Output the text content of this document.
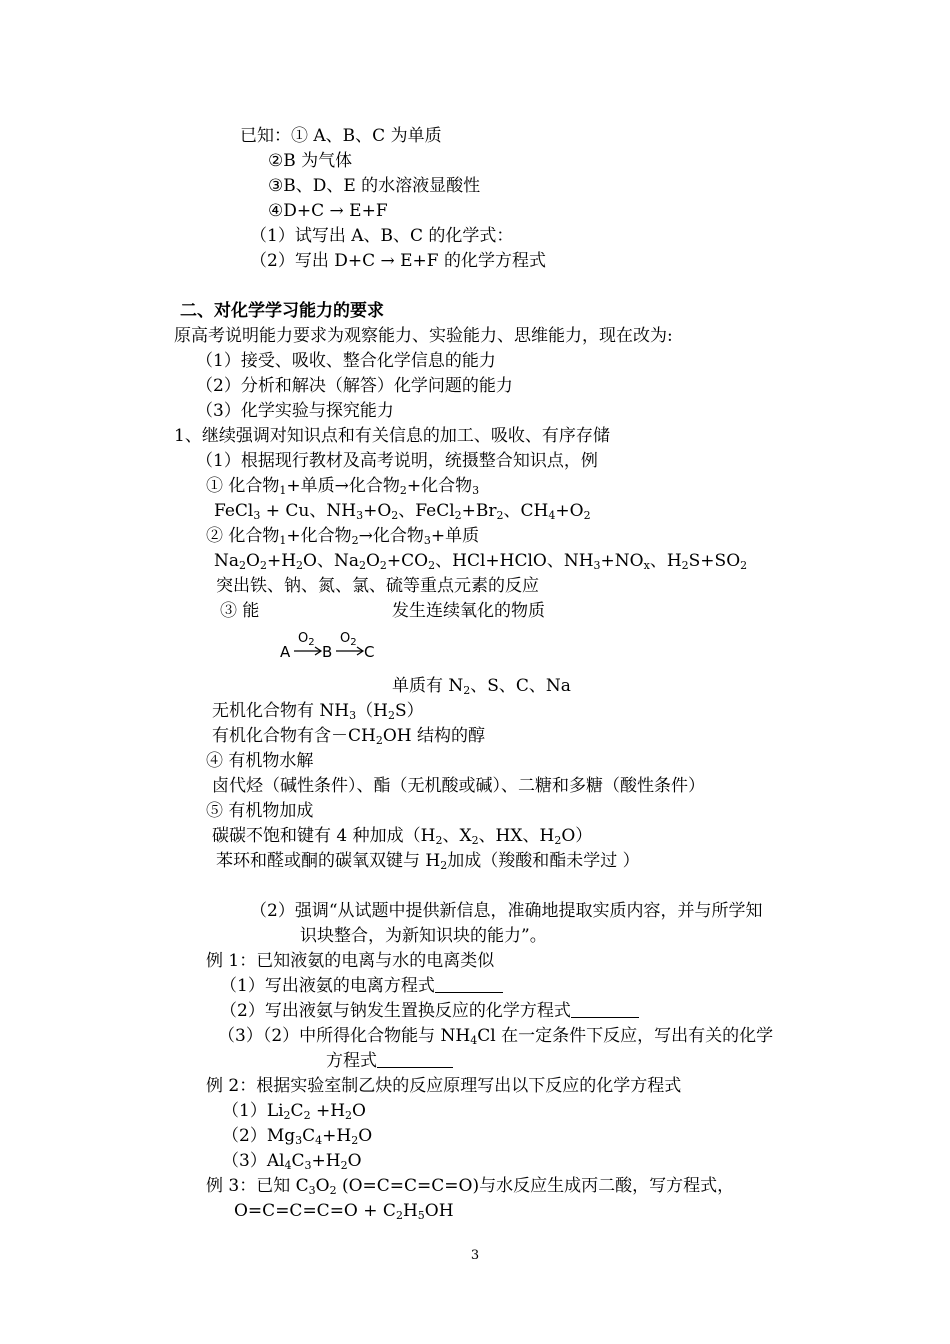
已知：① A、B、C 为单质
②B 为气体
③B、D、E 的水溶液显酸性
④D+C → E+F
（1）试写出 A、B、C 的化学式：
（2）写出 D+C → E+F 的化学方程式
二、对化学学习能力的要求
原高考说明能力要求为观察能力、实验能力、思维能力，现在改为:
（1）接受、吸收、整合化学信息的能力
（2）分析和解决（解答）化学问题的能力
（3）化学实验与探究能力
1、继续强调对知识点和有关信息的加工、吸收、有序存储
（1）根据现行教材及高考说明，统摄整合知识点，例
① 化合物$_1$+单质→化合物$_2$+化合物$_3$
FeCl$_3$ + Cu、$NH_3+O_2$、$FeCl_2+Br_2$、$CH_4+O_2$
② 化合物$_1$+化合物$_2$→化合物$_3$+单质
$Na_2O_2+H_2O$、$Na_2O_2+CO_2$、HCl+HClO、$NH_3+NO_x$、$H_2S+SO_2$
突出铁、钠、氮、氯、硫等重点元素的反应
③ 能	发生连续氧化的物质
A
$O_2$
B
$O_2$
C
单质有 $N_2$、S、C、Na
无机化合物有 $NH_3(H_2S)$
有机化合物有含$-CH_2OH$ 结构的醇
④ 有机物水解
卤代烃（碱性条件）、酯（无机酸或碱）、二糖和多糖（酸性条件）
⑤ 有机物加成
碳碳不饱和键有 4 种加成（$H_2$、$X_2$、HX、$H_2O$）
苯环和醛或酮的碳氧双键与 $H_2$加成（羧酸和酯未学过 ）
（2）强调“从试题中提供新信息，准确地提取实质内容，并与所学知
识块整合，为新知识块的能力”。
例 1：已知液氨的电离与水的电离类似
（1）写出液氨的电离方程式
（2）写出液氨与钠发生置换反应的化学方程式
（3）（2）中所得化合物能与 $NH_4Cl$ 在一定条件下反应，写出有关的化学
方程式
例 2：根据实验室制乙炔的反应原理写出以下反应的化学方程式
$(1)Li_2C_2 +H_2O$
$(2)Mg_3C_4+H_2O$
$(3)Al_4C_3+H_2O$
例 3：已知 $C_3O_2$ (O=C=C=C=O)与水反应生成丙二酸，写方程式，
$O=C=C=C=O + C_2H_5OH$
3
